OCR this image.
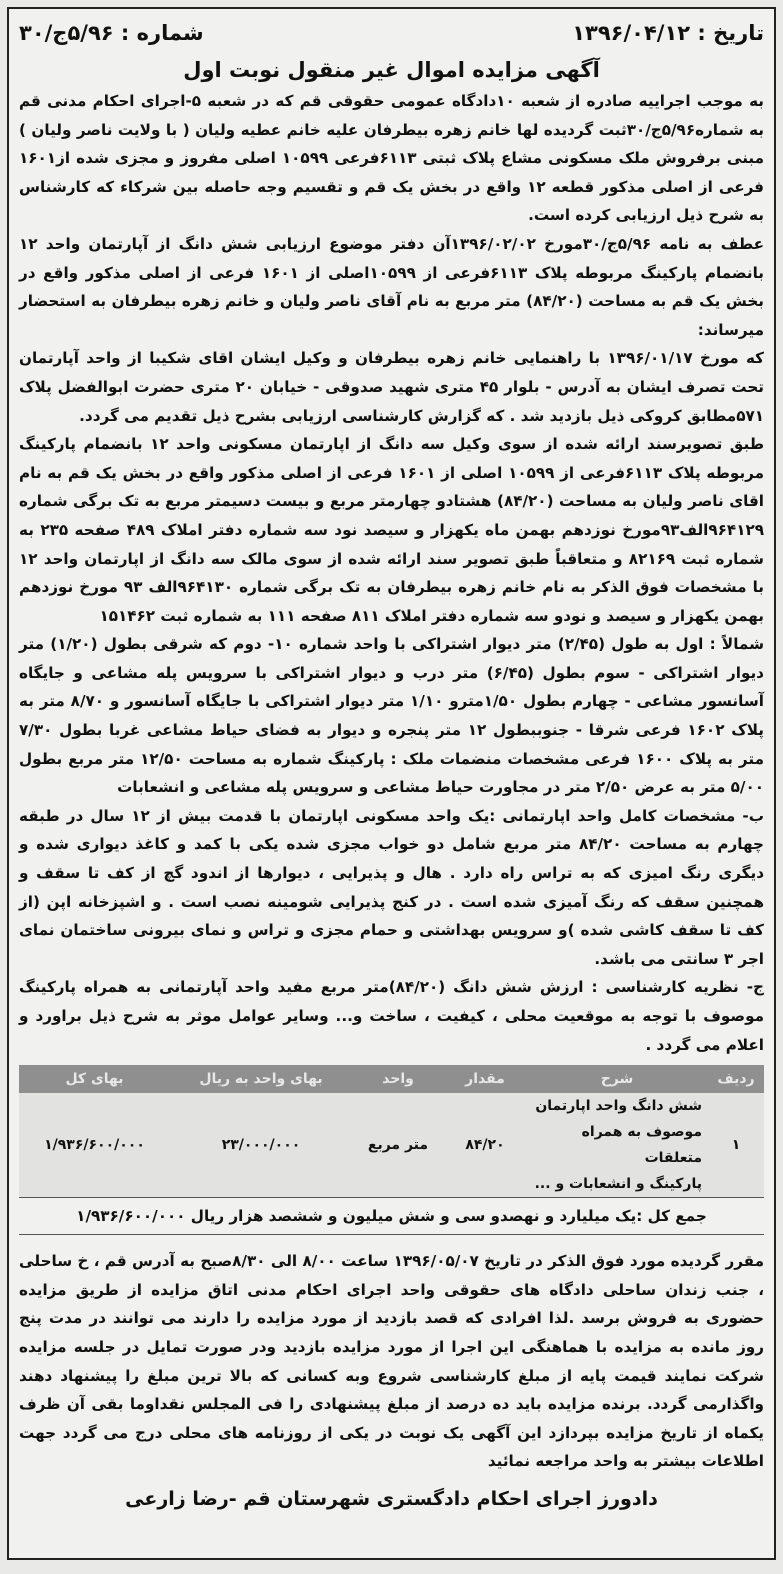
تاریخ : ۱۳۹۶/۰۴/۱۲
شماره : ۵/۹۶ج/۳۰
آگهی مزایده اموال غیر منقول نوبت اول

به موجب اجراییه صادره از شعبه ۱۰دادگاه عمومی حقوقی قم که در شعبه ۵-اجرای احکام مدنی قم به شماره۵/۹۶ج/۳۰ثبت گردیده لها خانم زهره بیطرفان علیه خانم عطیه ولیان ( با ولایت ناصر ولیان ) مبنی برفروش ملک مسکونی مشاع پلاک ثبتی ۶۱۱۳فرعی ۱۰۵۹۹ اصلی مفروز و مجزی شده از۱۶۰۱ فرعی از اصلی مذکور قطعه ۱۲ واقع در بخش یک قم و تقسیم وجه حاصله بین شرکاء که کارشناس به شرح ذیل ارزیابی کرده است.

عطف به نامه ۵/۹۶ج/۳۰مورخ ۱۳۹۶/۰۲/۰۲آن دفتر موضوع ارزیابی شش دانگ از آپارتمان واحد ۱۲ بانضمام پارکینگ مربوطه پلاک ۶۱۱۳فرعی از ۱۰۵۹۹اصلی از ۱۶۰۱ فرعی از اصلی مذکور واقع در بخش یک قم به مساحت (۸۴/۲۰) متر مربع به نام آقای ناصر ولیان و خانم زهره بیطرفان به استحضار میرساند:

که مورخ ۱۳۹۶/۰۱/۱۷ با راهنمایی خانم زهره بیطرفان و وکیل ایشان اقای شکیبا از واحد آپارتمان تحت تصرف ایشان به آدرس - بلوار ۴۵ متری شهید صدوقی - خیابان ۲۰ متری حضرت ابوالفضل پلاک ۵۷۱مطابق کروکی ذیل بازدید شد . که گزارش کارشناسی ارزیابی بشرح ذیل تقدیم می گردد.

طبق تصویرسند ارائه شده از سوی وکیل سه دانگ از اپارتمان مسکونی واحد ۱۲ بانضمام پارکینگ مربوطه پلاک ۶۱۱۳فرعی از ۱۰۵۹۹ اصلی از ۱۶۰۱ فرعی از اصلی مذکور واقع در بخش یک قم به نام اقای ناصر ولیان به مساحت (۸۴/۲۰) هشتادو چهارمتر مربع و بیست دسیمتر مربع به تک برگی شماره ۹۶۴۱۲۹الف۹۳مورخ نوزدهم بهمن ماه یکهزار و سیصد نود سه شماره دفتر املاک ۴۸۹ صفحه ۲۳۵ به شماره ثبت ۸۲۱۶۹ و متعاقباً طبق تصویر سند ارائه شده از سوی مالک سه دانگ از اپارتمان واحد ۱۲ با مشخصات فوق الذکر به نام خانم زهره بیطرفان به تک برگی شماره ۹۶۴۱۳۰الف ۹۳ مورخ نوزدهم بهمن یکهزار و سیصد و نودو سه شماره دفتر املاک ۸۱۱ صفحه ۱۱۱ به شماره ثبت ۱۵۱۴۶۲

شمالاً : اول به طول (۲/۴۵) متر دیوار اشتراکی با واحد شماره ۱۰- دوم که شرقی بطول (۱/۲۰) متر دیوار اشتراکی - سوم بطول (۶/۴۵) متر درب و دیوار اشتراکی با سرویس پله مشاعی و جایگاه آسانسور مشاعی - چهارم بطول ۱/۵۰مترو ۱/۱۰ متر دیوار اشتراکی با جایگاه آسانسور و ۸/۷۰ متر به پلاک ۱۶۰۲ فرعی شرقا - جنوببطول ۱۲ متر پنجره و دیوار به فضای حیاط مشاعی غربا بطول ۷/۳۰ متر به پلاک ۱۶۰۰ فرعی مشخصات منضمات ملک : پارکینگ شماره به مساحت ۱۲/۵۰ متر مربع بطول ۵/۰۰ متر به عرض ۲/۵۰ متر در مجاورت حیاط مشاعی و سرویس پله مشاعی و انشعابات

ب- مشخصات کامل واحد اپارتمانی :یک واحد مسکونی اپارتمان با قدمت بیش از ۱۲ سال در طبقه چهارم به مساحت ۸۴/۲۰ متر مربع شامل دو خواب مجزی شده یکی با کمد و کاغذ دیواری شده و دیگری رنگ امیزی که به تراس راه دارد . هال و پذیرایی ، دیوارها از اندود گچ از کف تا سقف و همچنین سقف که رنگ آمیزی شده است . در کنج پذیرایی شومینه نصب است . و اشپزخانه اپن (از کف تا سقف کاشی شده )و سرویس بهداشتی و حمام مجزی و تراس و نمای بیرونی ساختمان نمای اجر ۳ سانتی می باشد.

ج- نظریه کارشناسی : ارزش شش دانگ (۸۴/۲۰)متر مربع مفید واحد آپارتمانی به همراه پارکینگ موصوف با توجه به موقعیت محلی ، کیفیت ، ساخت و... وسایر عوامل موثر به شرح ذیل براورد و اعلام می گردد .

ردیف	شرح	مقدار	واحد	بهای واحد به ریال	بهای کل
۱	شش دانگ واحد اپارتمان
موصوف به همراه متعلقات
پارکینگ و انشعابات و ...	۸۴/۲۰	متر مربع	۲۳/۰۰۰/۰۰۰	۱/۹۳۶/۶۰۰/۰۰۰
جمع کل :یک میلیارد و نهصدو سی و شش میلیون و ششصد هزار ریال ۱/۹۳۶/۶۰۰/۰۰۰

مقرر گردیده مورد فوق الذکر در تاریخ ۱۳۹۶/۰۵/۰۷ ساعت ۸/۰۰ الی ۸/۳۰صبح به آدرس قم ، خ ساحلی ، جنب زندان ساحلی دادگاه های حقوقی واحد اجرای احکام مدنی اتاق مزایده از طریق مزایده حضوری به فروش برسد .لذا افرادی که قصد بازدید از مورد مزایده را دارند می توانند در مدت پنج روز مانده به مزایده با هماهنگی این اجرا از مورد مزایده بازدید ودر صورت تمایل در جلسه مزایده شرکت نمایند قیمت پایه از مبلغ کارشناسی شروع وبه کسانی که بالا ترین مبلغ را پیشنهاد دهند واگذارمی گردد. برنده مزایده باید ده درصد از مبلغ پیشنهادی را فی المجلس نقداوما بقی آن ظرف یکماه از تاریخ مزایده بپردازد این آگهی یک نوبت در یکی از روزنامه های محلی درج می گردد جهت اطلاعات بیشتر به واحد مراجعه نمائید

دادورز اجرای احکام دادگستری شهرستان قم -رضا زارعی
